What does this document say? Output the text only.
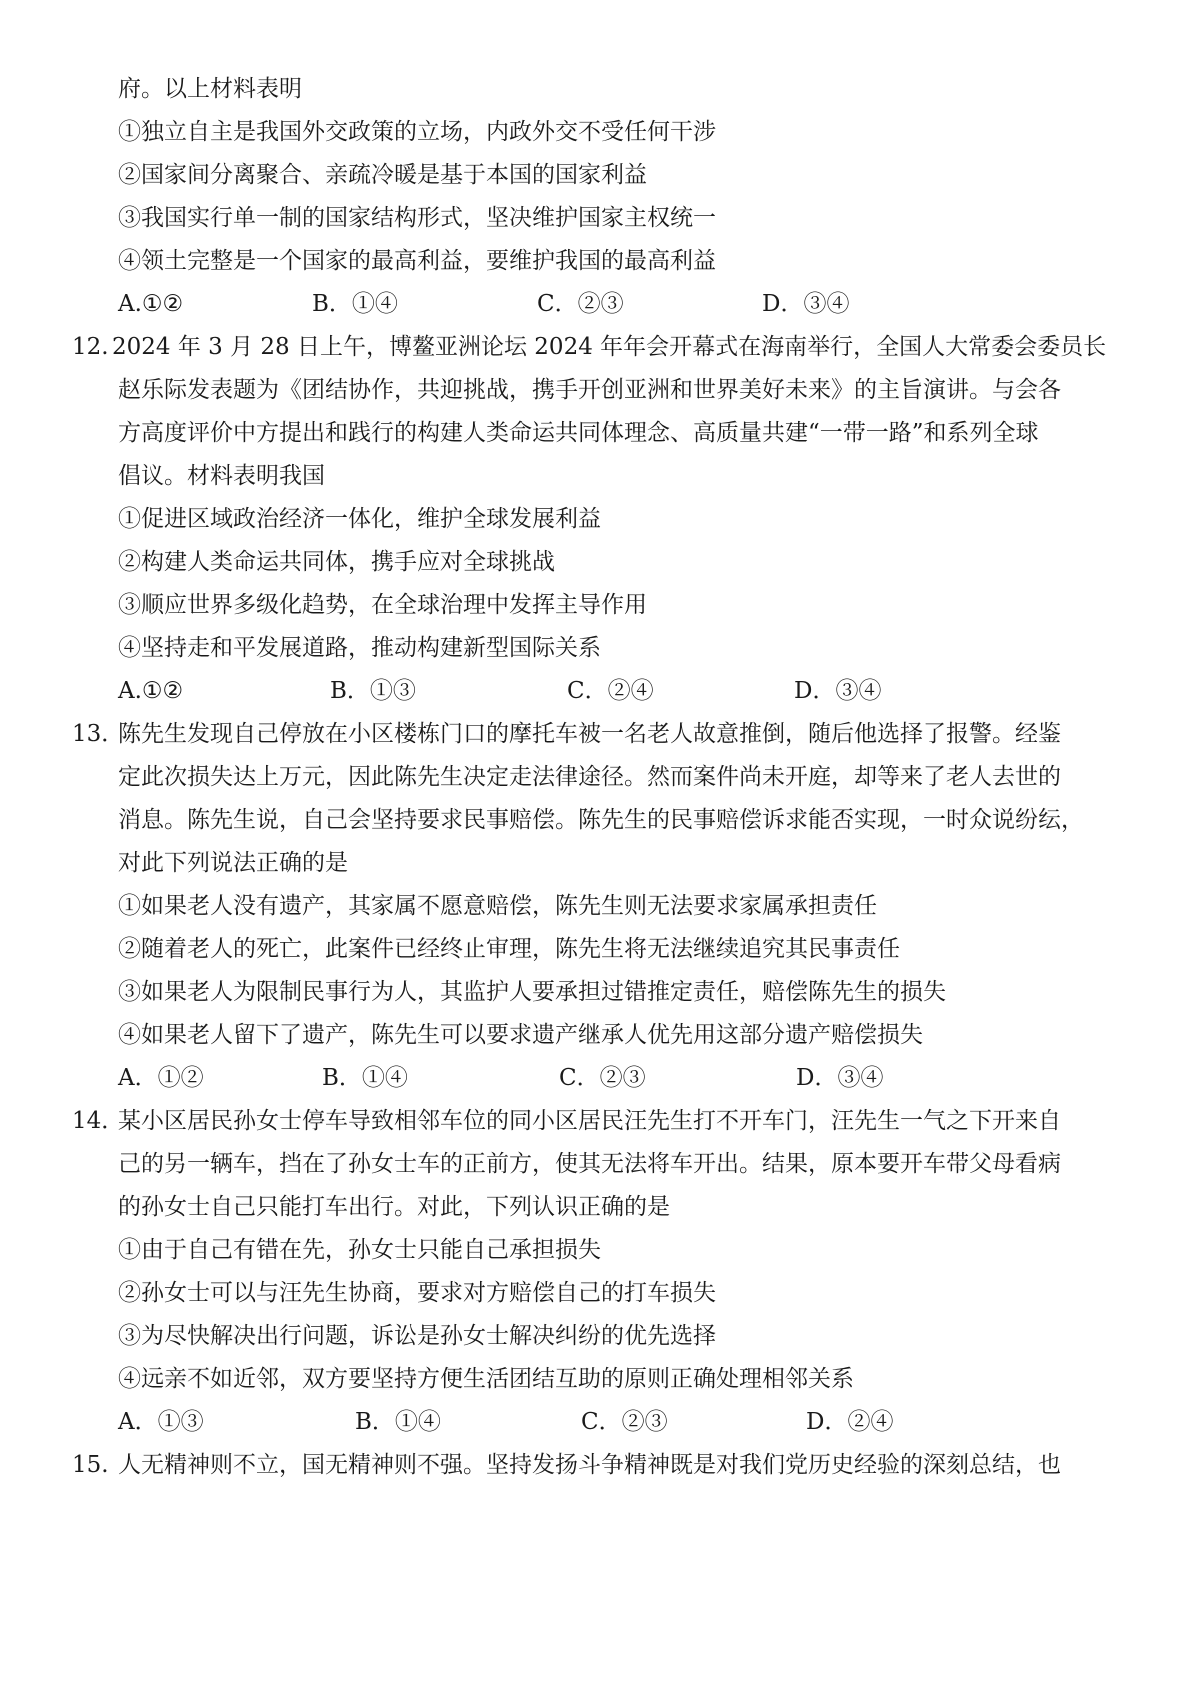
府。以上材料表明
①独立自主是我国外交政策的立场，内政外交不受任何干涉
②国家间分离聚合、亲疏冷暖是基于本国的国家利益
③我国实行单一制的国家结构形式，坚决维护国家主权统一
④领土完整是一个国家的最高利益，要维护我国的最高利益
A.①②	B．①④	C．②③	D．③④
12. 2024 年 3 月 28 日上午，博鳌亚洲论坛 2024 年年会开幕式在海南举行，全国人大常委会委员长
赵乐际发表题为《团结协作，共迎挑战，携手开创亚洲和世界美好未来》的主旨演讲。与会各
方高度评价中方提出和践行的构建人类命运共同体理念、高质量共建“一带一路”和系列全球
倡议。材料表明我国
①促进区域政治经济一体化，维护全球发展利益
②构建人类命运共同体，携手应对全球挑战
③顺应世界多级化趋势，在全球治理中发挥主导作用
④坚持走和平发展道路，推动构建新型国际关系
A.①②	B．①③	C．②④	D．③④
13．
陈先生发现自己停放在小区楼栋门口的摩托车被一名老人故意推倒，随后他选择了报警。经鉴
定此次损失达上万元，因此陈先生决定走法律途径。然而案件尚未开庭，却等来了老人去世的
消息。陈先生说，自己会坚持要求民事赔偿。陈先生的民事赔偿诉求能否实现，一时众说纷纭，
对此下列说法正确的是
①如果老人没有遗产，其家属不愿意赔偿，陈先生则无法要求家属承担责任
②随着老人的死亡，此案件已经终止审理，陈先生将无法继续追究其民事责任
③如果老人为限制民事行为人，其监护人要承担过错推定责任，赔偿陈先生的损失
④如果老人留下了遗产，陈先生可以要求遗产继承人优先用这部分遗产赔偿损失
A．①②	B．①④	C．②③	D．③④
14．
某小区居民孙女士停车导致相邻车位的同小区居民汪先生打不开车门，汪先生一气之下开来自
己的另一辆车，挡在了孙女士车的正前方，使其无法将车开出。结果，原本要开车带父母看病
的孙女士自己只能打车出行。对此，下列认识正确的是
①由于自己有错在先，孙女士只能自己承担损失
②孙女士可以与汪先生协商，要求对方赔偿自己的打车损失
③为尽快解决出行问题，诉讼是孙女士解决纠纷的优先选择
④远亲不如近邻，双方要坚持方便生活团结互助的原则正确处理相邻关系
A．①③	B．①④	C．②③	D．②④
15. 人无精神则不立，国无精神则不强。坚持发扬斗争精神既是对我们党历史经验的深刻总结，也
